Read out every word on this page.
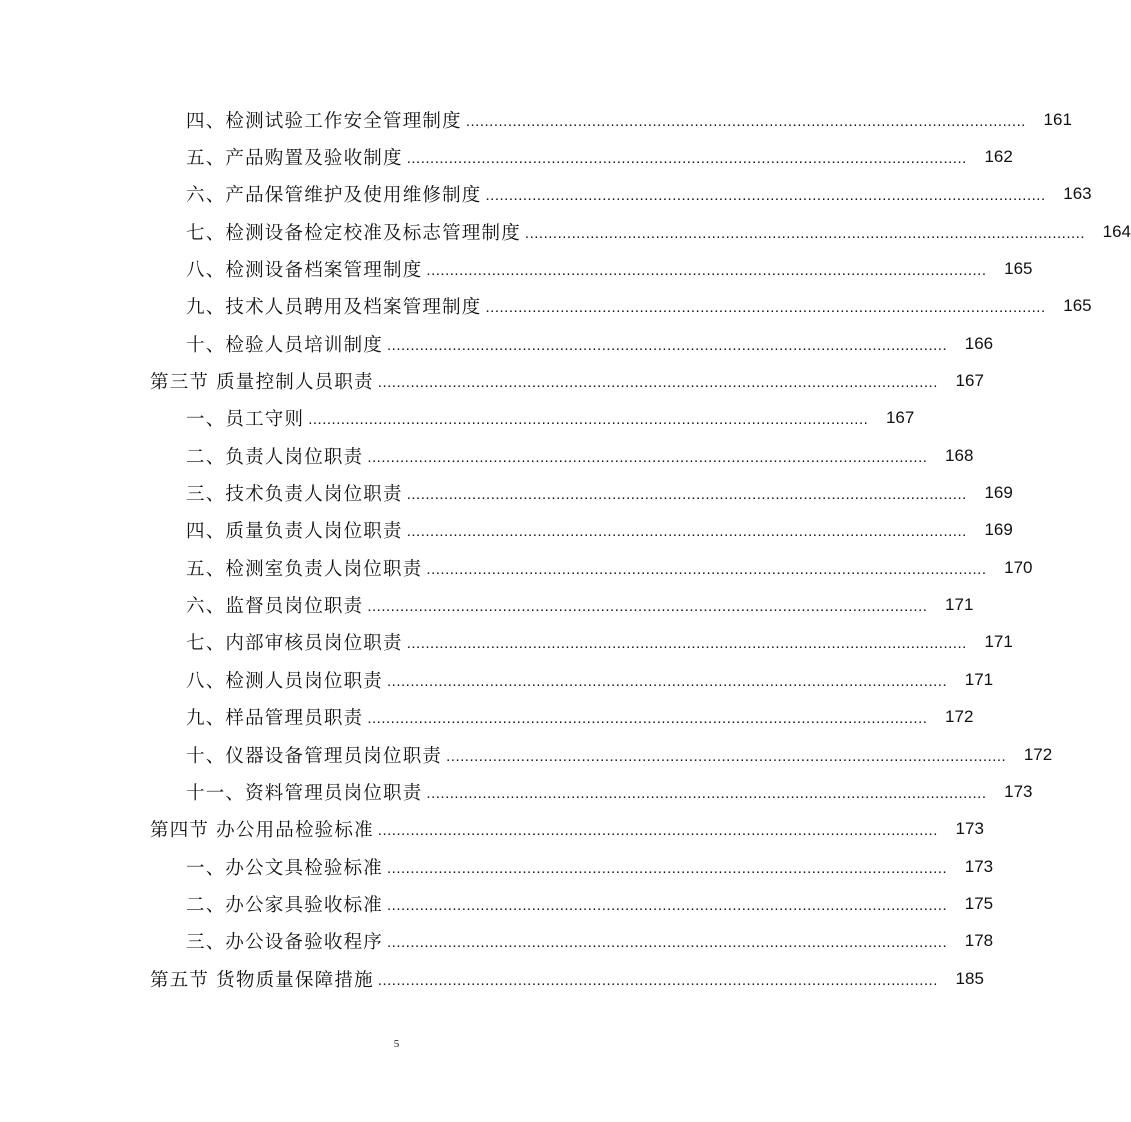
四、检测试验工作安全管理制度 ........................................................................................................................	161
五、产品购置及验收制度 ........................................................................................................................	162
六、产品保管维护及使用维修制度 ........................................................................................................................	163
七、检测设备检定校准及标志管理制度 ........................................................................................................................	164
八、检测设备档案管理制度 ........................................................................................................................	165
九、技术人员聘用及档案管理制度 ........................................................................................................................	165
十、检验人员培训制度 ........................................................................................................................	166
第三节 质量控制人员职责 ........................................................................................................................	167
一、员工守则 ........................................................................................................................	167
二、负责人岗位职责 ........................................................................................................................	168
三、技术负责人岗位职责 ........................................................................................................................	169
四、质量负责人岗位职责 ........................................................................................................................	169
五、检测室负责人岗位职责 ........................................................................................................................	170
六、监督员岗位职责 ........................................................................................................................	171
七、内部审核员岗位职责 ........................................................................................................................	171
八、检测人员岗位职责 ........................................................................................................................	171
九、样品管理员职责 ........................................................................................................................	172
十、仪器设备管理员岗位职责 ........................................................................................................................	172
十一、资料管理员岗位职责 ........................................................................................................................	173
第四节 办公用品检验标准 ........................................................................................................................	173
一、办公文具检验标准 ........................................................................................................................	173
二、办公家具验收标准 ........................................................................................................................	175
三、办公设备验收程序 ........................................................................................................................	178
第五节 货物质量保障措施 ........................................................................................................................	185
5
